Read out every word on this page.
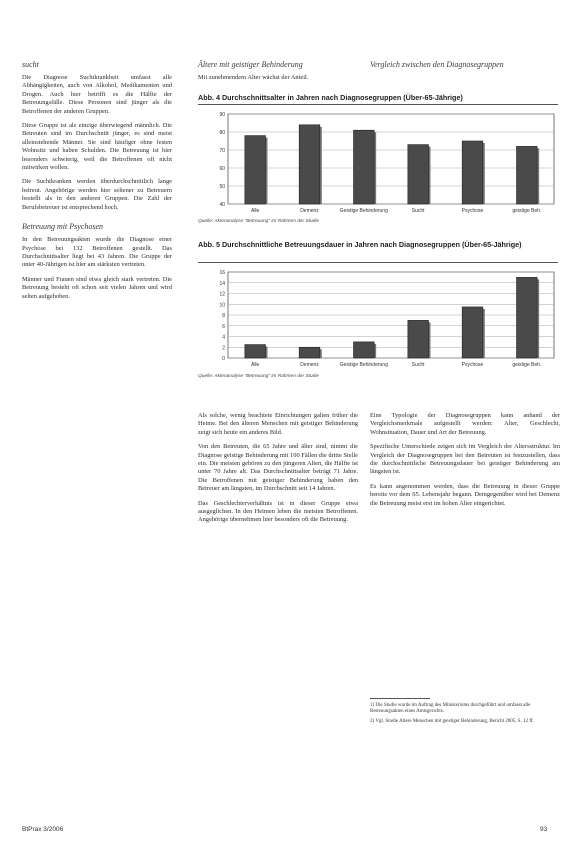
sucht

Die Diagnose Suchtkrankheit umfasst alle Abhängigkeiten, auch von Alkohol, Medikamenten und Drogen. Auch hier betrifft es die Hälfte der Betreuungsfälle. Diese Personen sind jünger als die Betroffenen der anderen Gruppen.

Diese Gruppe ist als einzige überwiegend männlich. Die Betreuten sind im Durchschnitt jünger, es sind meist alleinstehende Männer. Sie sind häufiger ohne festen Wohnsitz und haben Schulden. Die Betreuung ist hier besonders schwierig, weil die Betroffenen oft nicht mitwirken wollen.

Die Suchtkranken werden überdurchschnittlich lange betreut. Angehörige werden hier seltener zu Betreuern bestellt als in den anderen Gruppen. Die Zahl der Berufsbetreuer ist entsprechend hoch.

Betreuung mit Psychosen

In den Betreuungsakten wurde die Diagnose einer Psychose bei 132 Betroffenen gestellt. Das Durchschnittsalter liegt bei 43 Jahren. Die Gruppe der unter 40-Jährigen ist hier am stärksten vertreten.

Männer und Frauen sind etwa gleich stark vertreten. Die Betreuung besteht oft schon seit vielen Jahren und wird selten aufgehoben.

Ältere mit geistiger Behinderung

Mit zunehmendem Alter wächst der Anteil.

Vergleich zwischen den Diagnosegruppen
Abb. 4 Durchschnittsalter in Jahren nach Diagnosegruppen (Über-65-Jährige)
40
50
60
70
80
90
Alle	Demenz	Geistige Behinderung	Sucht	Psychose	geistige Beh.
Quelle: Aktenanalyse "Betreuung" im Rahmen der Studie
Abb. 5 Durchschnittliche Betreuungsdauer in Jahren nach Diagnosegruppen (Über-65-Jährige)
0
2
4
6
8
10
12
14
16
Alle	Demenz	Geistige Behinderung	Sucht	Psychose	geistige Beh.
Quelle: Aktenanalyse "Betreuung" im Rahmen der Studie

Als solche, wenig beachtete Einrichtungen galten früher die Heime. Bei den älteren Menschen mit geistiger Behinderung zeigt sich heute ein anderes Bild.

Von den Betreuten, die 65 Jahre und älter sind, nimmt die Diagnose geistige Behinderung mit 100 Fällen die dritte Stelle ein. Die meisten gehören zu den jüngeren Alten, die Hälfte ist unter 70 Jahre alt. Das Durchschnittsalter beträgt 71 Jahre. Die Betroffenen mit geistiger Behinderung haben den Betreuer am längsten, im Durchschnitt seit 14 Jahren.

Das Geschlechterverhältnis ist in dieser Gruppe etwa ausgeglichen. In den Heimen leben die meisten Betroffenen. Angehörige übernehmen hier besonders oft die Betreuung.

Eine Typologie der Diagnosegruppen kann anhand der Vergleichsmerkmale aufgestellt werden: Alter, Geschlecht, Wohnsituation, Dauer und Art der Betreuung.

Spezifische Unterschiede zeigen sich im Vergleich der Altersstruktur. Im Vergleich der Diagnosegruppen bei den Betreuten ist festzustellen, dass die durchschnittliche Betreuungsdauer bei geistiger Behinderung am längsten ist.

Es kann angenommen werden, dass die Betreuung in dieser Gruppe bereits vor dem 65. Lebensjahr begann. Demgegenüber wird bei Demenz die Betreuung meist erst im hohen Alter eingerichtet.

1) Die Studie wurde im Auftrag des Ministeriums durchgeführt und umfasst alle Betreuungsakten eines Amtsgerichts.

2) Vgl. Studie Altere Menschen mit geistiger Behinderung, Bericht 2005, S. 12 ff.

BtPrax 3/2006	93
